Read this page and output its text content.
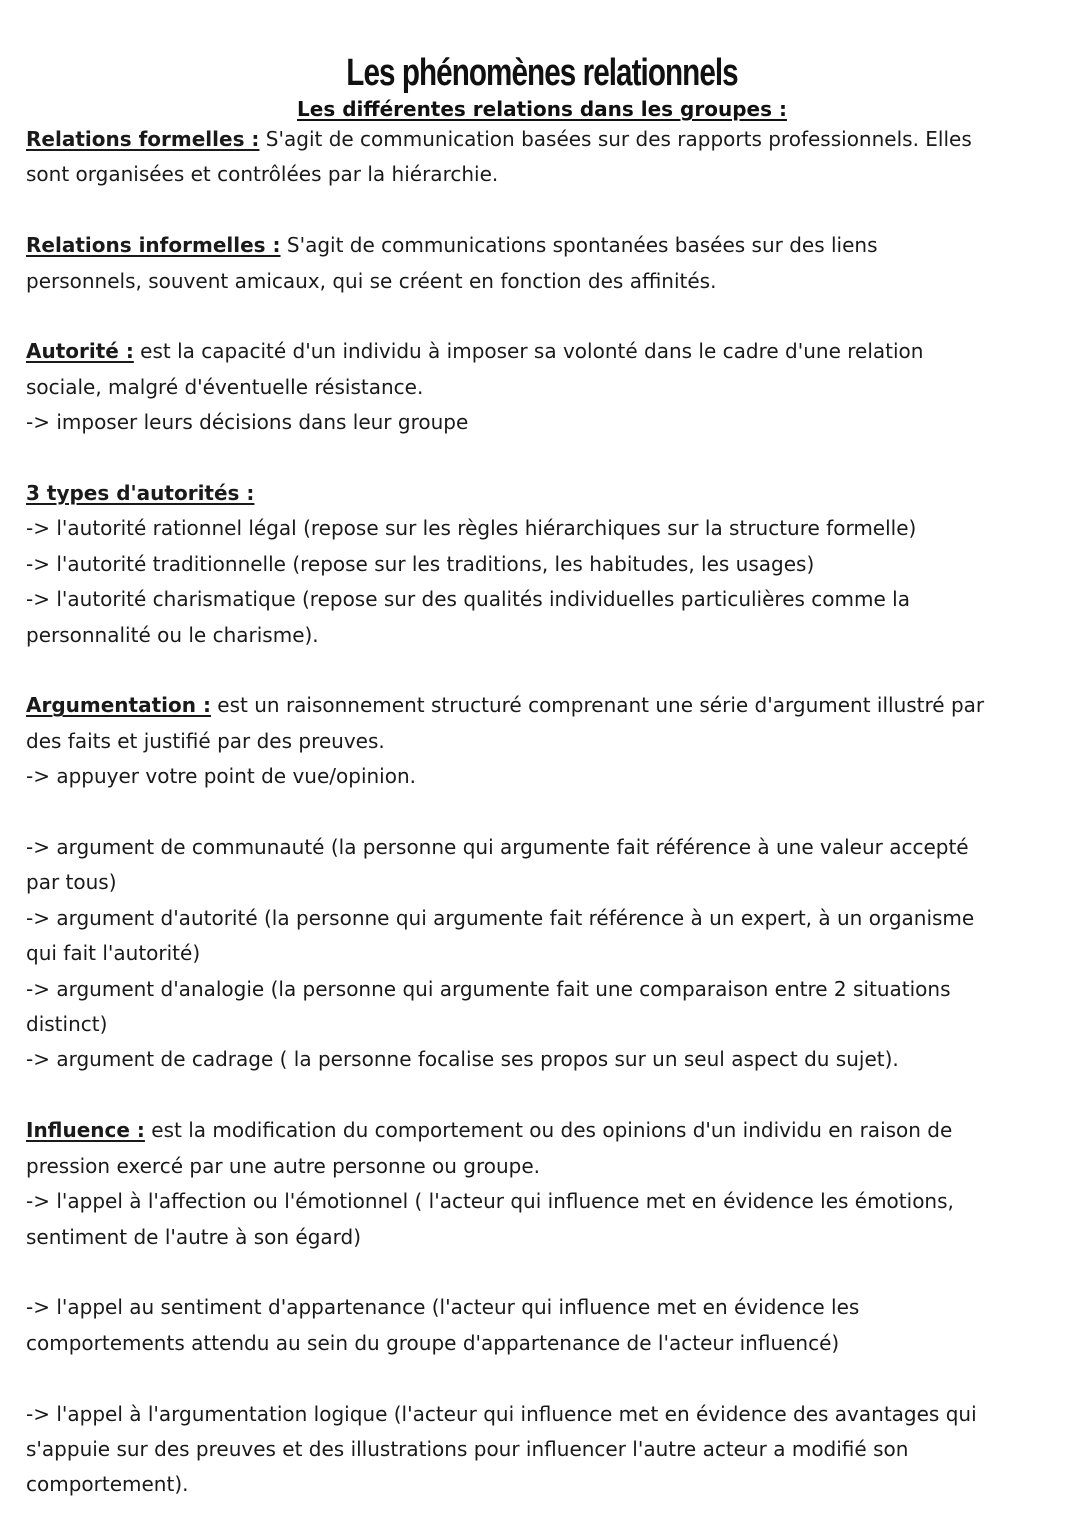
Les phénomènes relationnels
Les différentes relations dans les groupes :
Relations formelles : S'agit de communication basées sur des rapports professionnels. Elles
sont organisées et contrôlées par la hiérarchie.
Relations informelles : S'agit de communications spontanées basées sur des liens
personnels, souvent amicaux, qui se créent en fonction des affinités.
Autorité : est la capacité d'un individu à imposer sa volonté dans le cadre d'une relation
sociale, malgré d'éventuelle résistance.
-> imposer leurs décisions dans leur groupe
3 types d'autorités :
-> l'autorité rationnel légal (repose sur les règles hiérarchiques sur la structure formelle)
-> l'autorité traditionnelle (repose sur les traditions, les habitudes, les usages)
-> l'autorité charismatique (repose sur des qualités individuelles particulières comme la
personnalité ou le charisme).
Argumentation : est un raisonnement structuré comprenant une série d'argument illustré par
des faits et justifié par des preuves.
-> appuyer votre point de vue/opinion.
-> argument de communauté (la personne qui argumente fait référence à une valeur accepté
par tous)
-> argument d'autorité (la personne qui argumente fait référence à un expert, à un organisme
qui fait l'autorité)
-> argument d'analogie (la personne qui argumente fait une comparaison entre 2 situations
distinct)
-> argument de cadrage ( la personne focalise ses propos sur un seul aspect du sujet).
Influence : est la modification du comportement ou des opinions d'un individu en raison de
pression exercé par une autre personne ou groupe.
-> l'appel à l'affection ou l'émotionnel ( l'acteur qui influence met en évidence les émotions,
sentiment de l'autre à son égard)
-> l'appel au sentiment d'appartenance (l'acteur qui influence met en évidence les
comportements attendu au sein du groupe d'appartenance de l'acteur influencé)
-> l'appel à l'argumentation logique (l'acteur qui influence met en évidence des avantages qui
s'appuie sur des preuves et des illustrations pour influencer l'autre acteur a modifié son
comportement).
